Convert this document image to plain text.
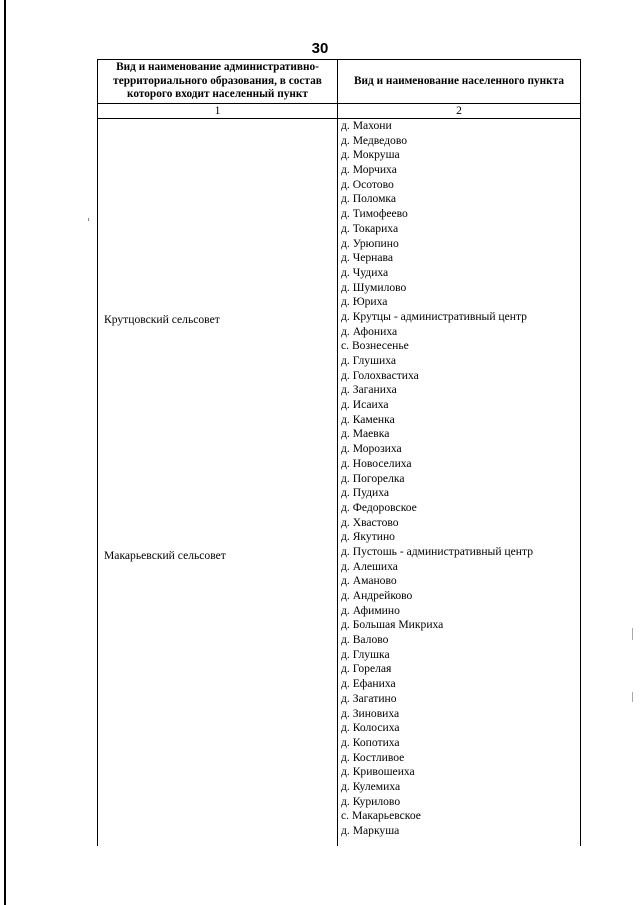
30
Вид и наименование административно-территориального образования, в состав которого входит населенный пункт
Вид и наименование населенного пункта
1	2
Крутцовский сельсовет
Макарьевский сельсовет
д. Махони
д. Медведово
д. Мокруша
д. Морчиха
д. Осотово
д. Поломка
д. Тимофеево
д. Токариха
д. Урюпино
д. Чернава
д. Чудиха
д. Шумилово
д. Юриха
д. Крутцы - административный центр
д. Афониха
с. Вознесенье
д. Глушиха
д. Голохвастиха
д. Заганиха
д. Исаиха
д. Каменка
д. Маевка
д. Морозиха
д. Новоселиха
д. Погорелка
д. Пудиха
д. Федоровское
д. Хвастово
д. Якутино
д. Пустошь - административный центр
д. Алешиха
д. Аманово
д. Андрейково
д. Афимино
д. Большая Микриха
д. Валово
д. Глушка
д. Горелая
д. Ефаниха
д. Загатино
д. Зиновиха
д. Колосиха
д. Копотиха
д. Костливое
д. Кривошеиха
д. Кулемиха
д. Курилово
с. Макарьевское
д. Маркуша
